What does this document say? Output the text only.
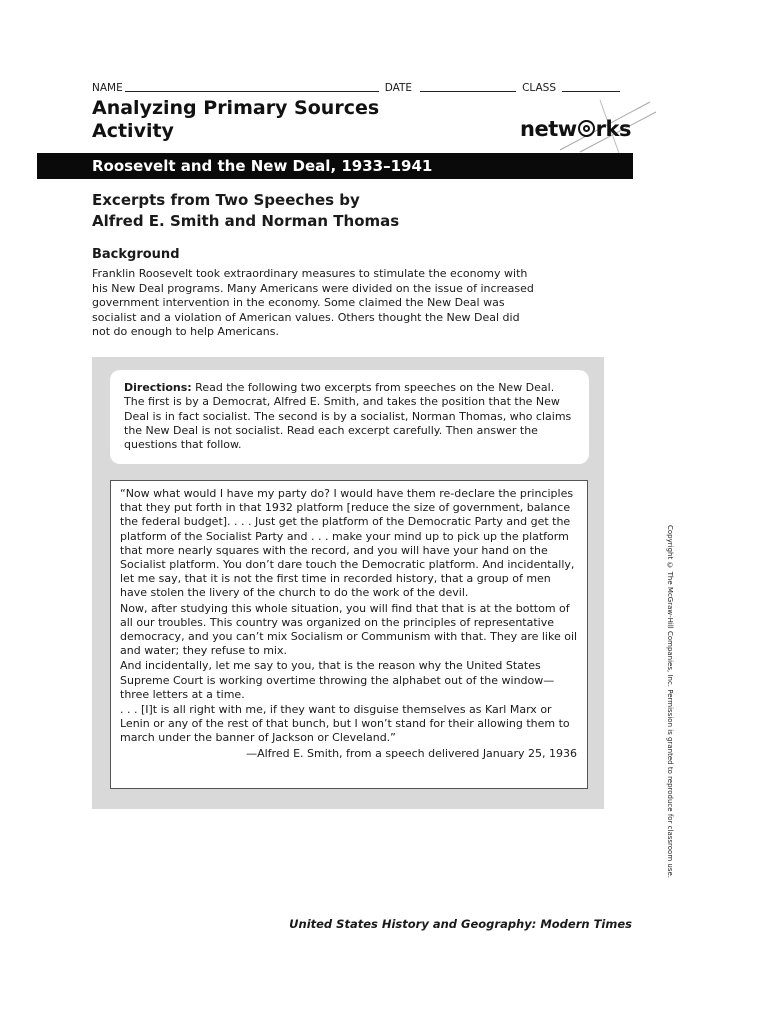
NAME	DATE	CLASS
Analyzing Primary Sources
Activity	netw rks
Roosevelt and the New Deal, 1933–1941
Excerpts from Two Speeches by
Alfred E. Smith and Norman Thomas
Background
Franklin Roosevelt took extraordinary measures to stimulate the economy with his New Deal programs. Many Americans were divided on the issue of increased government intervention in the economy. Some claimed the New Deal was socialist and a violation of American values. Others thought the New Deal did not do enough to help Americans.
Directions: Read the following two excerpts from speeches on the New Deal. The first is by a Democrat, Alfred E. Smith, and takes the position that the New Deal is in fact socialist. The second is by a socialist, Norman Thomas, who claims the New Deal is not socialist. Read each excerpt carefully. Then answer the questions that follow.

“Now what would I have my party do? I would have them re-declare the principles that they put forth in that 1932 platform [reduce the size of government, balance the federal budget]. . . . Just get the platform of the Democratic Party and get the platform of the Socialist Party and . . . make your mind up to pick up the platform that more nearly squares with the record, and you will have your hand on the Socialist platform. You don’t dare touch the Democratic platform. And incidentally, let me say, that it is not the first time in recorded history, that a group of men have stolen the livery of the church to do the work of the devil.

Now, after studying this whole situation, you will find that that is at the bottom of all our troubles. This country was organized on the principles of representative democracy, and you can’t mix Socialism or Communism with that. They are like oil and water; they refuse to mix.

And incidentally, let me say to you, that is the reason why the United States Supreme Court is working overtime throwing the alphabet out of the window—three letters at a time.

. . . [I]t is all right with me, if they want to disguise themselves as Karl Marx or Lenin or any of the rest of that bunch, but I won’t stand for their allowing them to march under the banner of Jackson or Cleveland.”

—Alfred E. Smith, from a speech delivered January 25, 1936	Copyright © The McGraw-Hill Companies, Inc. Permission is granted to reproduce for classroom use.
United States History and Geography: Modern Times
